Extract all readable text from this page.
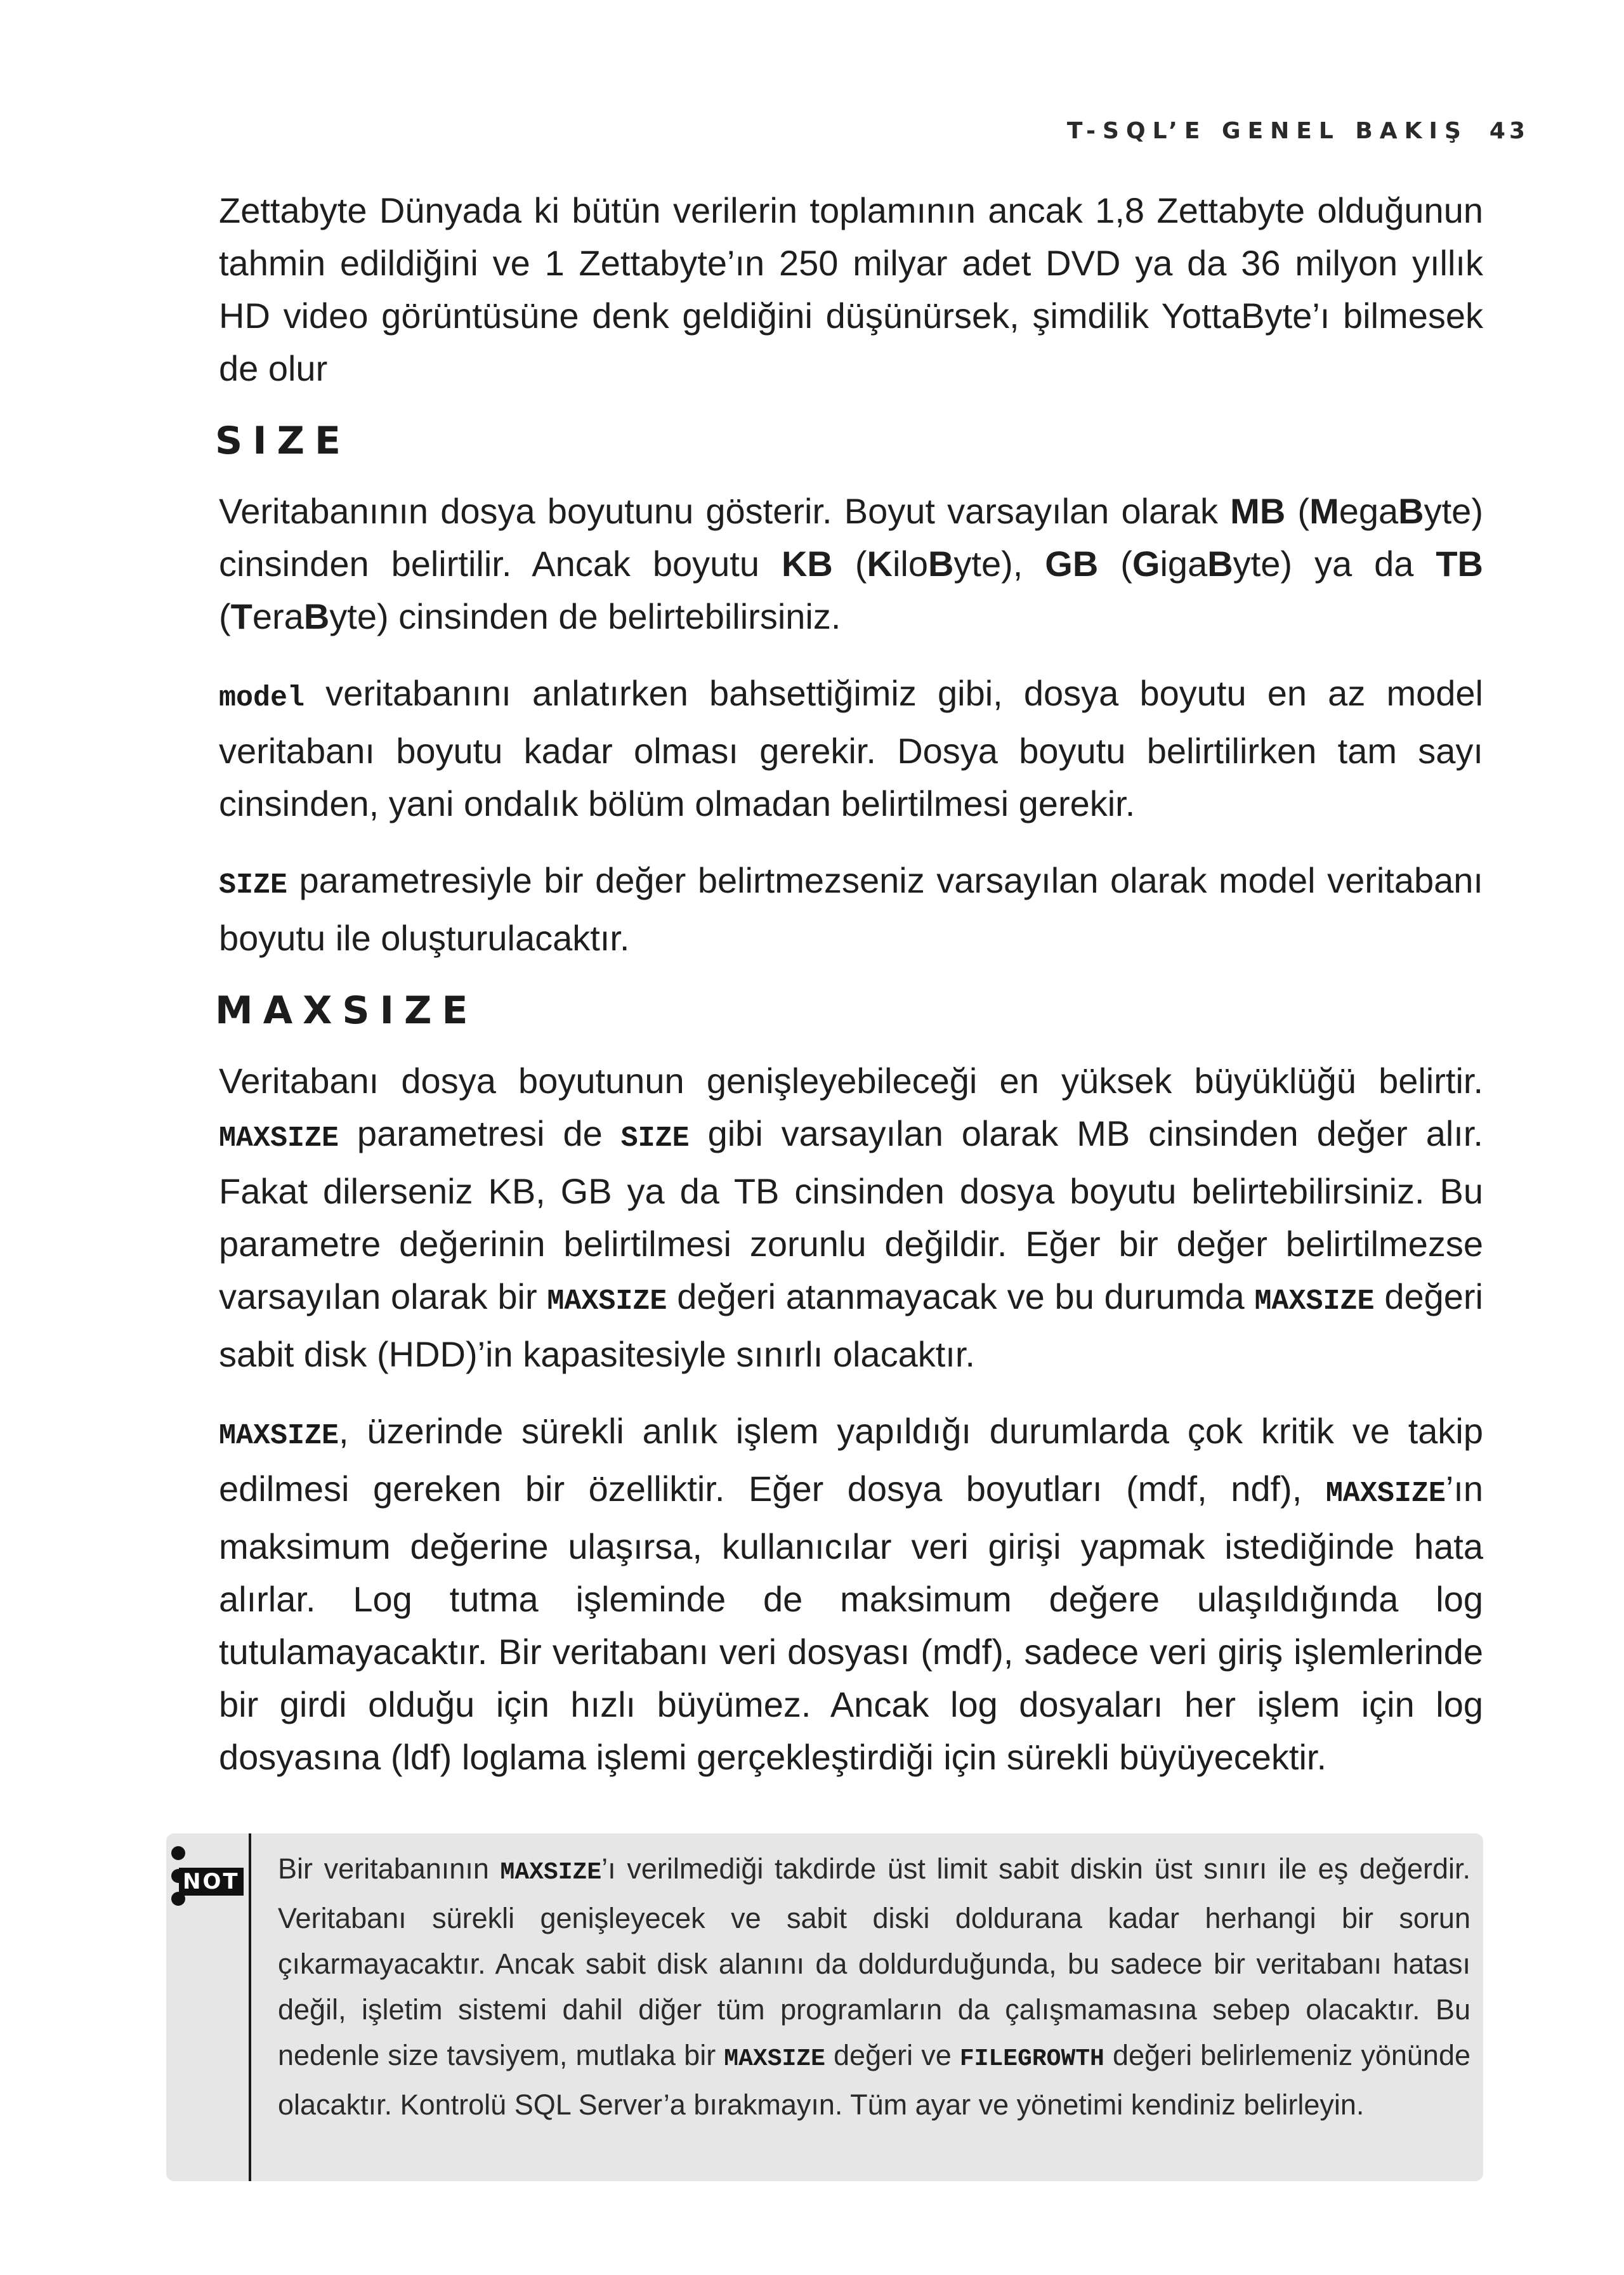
T-SQL’E GENEL BAKIŞ 43

Zettabyte Dünyada ki bütün verilerin toplamının ancak 1,8 Zettabyte olduğunun tahmin edildiğini ve 1 Zettabyte’ın 250 milyar adet DVD ya da 36 milyon yıllık HD video görüntüsüne denk geldiğini düşünürsek, şimdilik YottaByte’ı bilmesek de olur

SIZE

Veritabanının dosya boyutunu gösterir. Boyut varsayılan olarak MB (MegaByte) cinsinden belirtilir. Ancak boyutu KB (KiloByte), GB (GigaByte) ya da TB (TeraByte) cinsinden de belirtebilirsiniz.

model veritabanını anlatırken bahsettiğimiz gibi, dosya boyutu en az model veritabanı boyutu kadar olması gerekir. Dosya boyutu belirtilirken tam sayı cinsinden, yani ondalık bölüm olmadan belirtilmesi gerekir.

SIZE parametresiyle bir değer belirtmezseniz varsayılan olarak model veritabanı boyutu ile oluşturulacaktır.

MAXSIZE

Veritabanı dosya boyutunun genişleyebileceği en yüksek büyüklüğü belirtir. MAXSIZE parametresi de SIZE gibi varsayılan olarak MB cinsinden değer alır. Fakat dilerseniz KB, GB ya da TB cinsinden dosya boyutu belirtebilirsiniz. Bu parametre değerinin belirtilmesi zorunlu değildir. Eğer bir değer belirtilmezse varsayılan olarak bir MAXSIZE değeri atanmayacak ve bu durumda MAXSIZE değeri sabit disk (HDD)’in kapasitesiyle sınırlı olacaktır.

MAXSIZE, üzerinde sürekli anlık işlem yapıldığı durumlarda çok kritik ve takip edilmesi gereken bir özelliktir. Eğer dosya boyutları (mdf, ndf), MAXSIZE’ın maksimum değerine ulaşırsa, kullanıcılar veri girişi yapmak istediğinde hata alırlar. Log tutma işleminde de maksimum değere ulaşıldığında log tutulamayacaktır. Bir veritabanı veri dosyası (mdf), sadece veri giriş işlemlerinde bir girdi olduğu için hızlı büyümez. Ancak log dosyaları her işlem için log dosyasına (ldf) loglama işlemi gerçekleştirdiği için sürekli büyüyecektir.

NOT Bir veritabanının MAXSIZE’ı verilmediği takdirde üst limit sabit diskin üst sınırı ile eş değerdir. Veritabanı sürekli genişleyecek ve sabit diski doldurana kadar herhangi bir sorun çıkarmayacaktır. Ancak sabit disk alanını da doldurduğunda, bu sadece bir veritabanı hatası değil, işletim sistemi dahil diğer tüm programların da çalışmamasına sebep olacaktır. Bu nedenle size tavsiyem, mutlaka bir MAXSIZE değeri ve FILEGROWTH değeri belirlemeniz yönünde olacaktır. Kontrolü SQL Server’a bırakmayın. Tüm ayar ve yönetimi kendiniz belirleyin.
